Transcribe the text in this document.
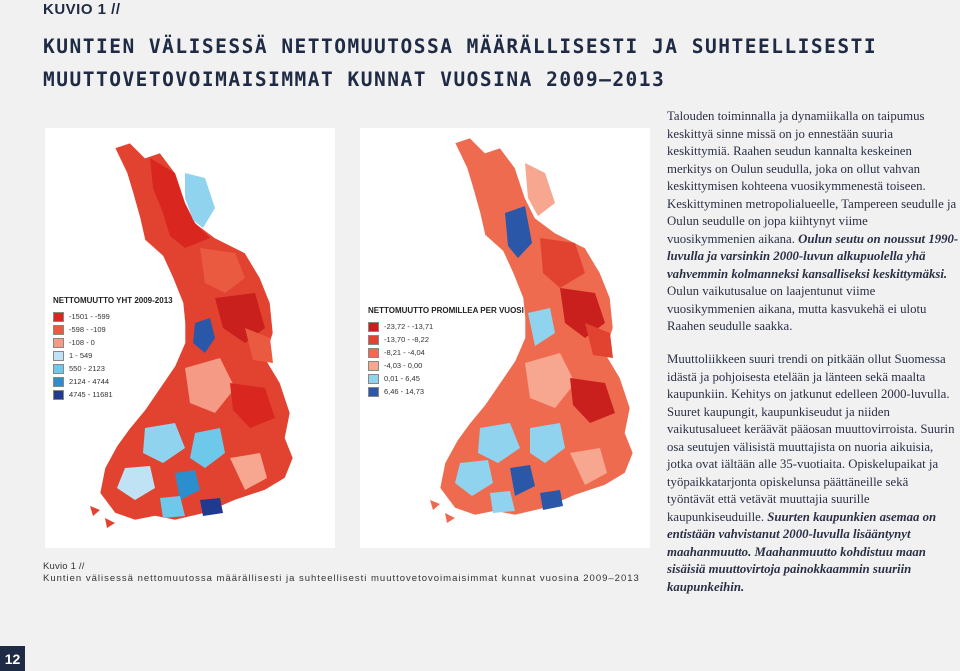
KUVIO 1 //
KUNTIEN VÄLISESSÄ NETTOMUUTOSSA MÄÄRÄLLISESTI JA SUHTEELLISESTI
MUUTTOVETOVOIMAISIMMAT KUNNAT VUOSINA 2009–2013
NETTOMUUTTO YHT 2009-2013
-1501 - -599
-598 - -109
-108 - 0
1 - 549
550 - 2123
2124 - 4744
4745 - 11681
NETTOMUUTTO PROMILLEA PER VUOSI
-23,72 - -13,71
-13,70 - -8,22
-8,21 - -4,04
-4,03 - 0,00
0,01 - 6,45
6,46 - 14,73
Kuvio 1 //
Kuntien välisessä nettomuutossa määrällisesti ja suhteellisesti muuttovetovoimaisimmat kunnat vuosina 2009–2013

Talouden toiminnalla ja dynamiikalla on taipumus keskittyä sinne missä on jo ennestään suuria keskittymiä. Raahen seudun kannalta keskeinen merkitys on Oulun seudulla, joka on ollut vahvan keskittymisen kohteena vuosikymmenestä toiseen. Keskittyminen metropolialueelle, Tampereen seudulle ja Oulun seudulle on jopa kiihtynyt viime vuosikymmenien aikana. Oulun seutu on noussut 1990-luvulla ja varsinkin 2000-luvun alkupuolella yhä vahvemmin kolmanneksi kansalliseksi keskittymäksi. Oulun vaikutusalue on laajentunut viime vuosikymmenien aikana, mutta kasvukehä ei ulotu Raahen seudulle saakka.

Muuttoliikkeen suuri trendi on pitkään ollut Suomessa idästä ja pohjoisesta etelään ja länteen sekä maalta kaupunkiin. Kehitys on jatkunut edelleen 2000-luvulla. Suuret kaupungit, kaupunkiseudut ja niiden vaikutusalueet keräävät pääosan muuttovirroista. Suurin osa seutujen välisistä muuttajista on nuoria aikuisia, jotka ovat iältään alle 35-vuotiaita. Opiskelupaikat ja työpaikkatarjonta opiskelunsa päättäneille sekä työntävät että vetävät muuttajia suurille kaupunkiseuduille. Suurten kaupunkien asemaa on entistään vahvistanut 2000-luvulla lisääntynyt maahanmuutto. Maahanmuutto kohdistuu maan sisäisiä muuttovirtoja painokkaammin suuriin kaupunkeihin.

12
